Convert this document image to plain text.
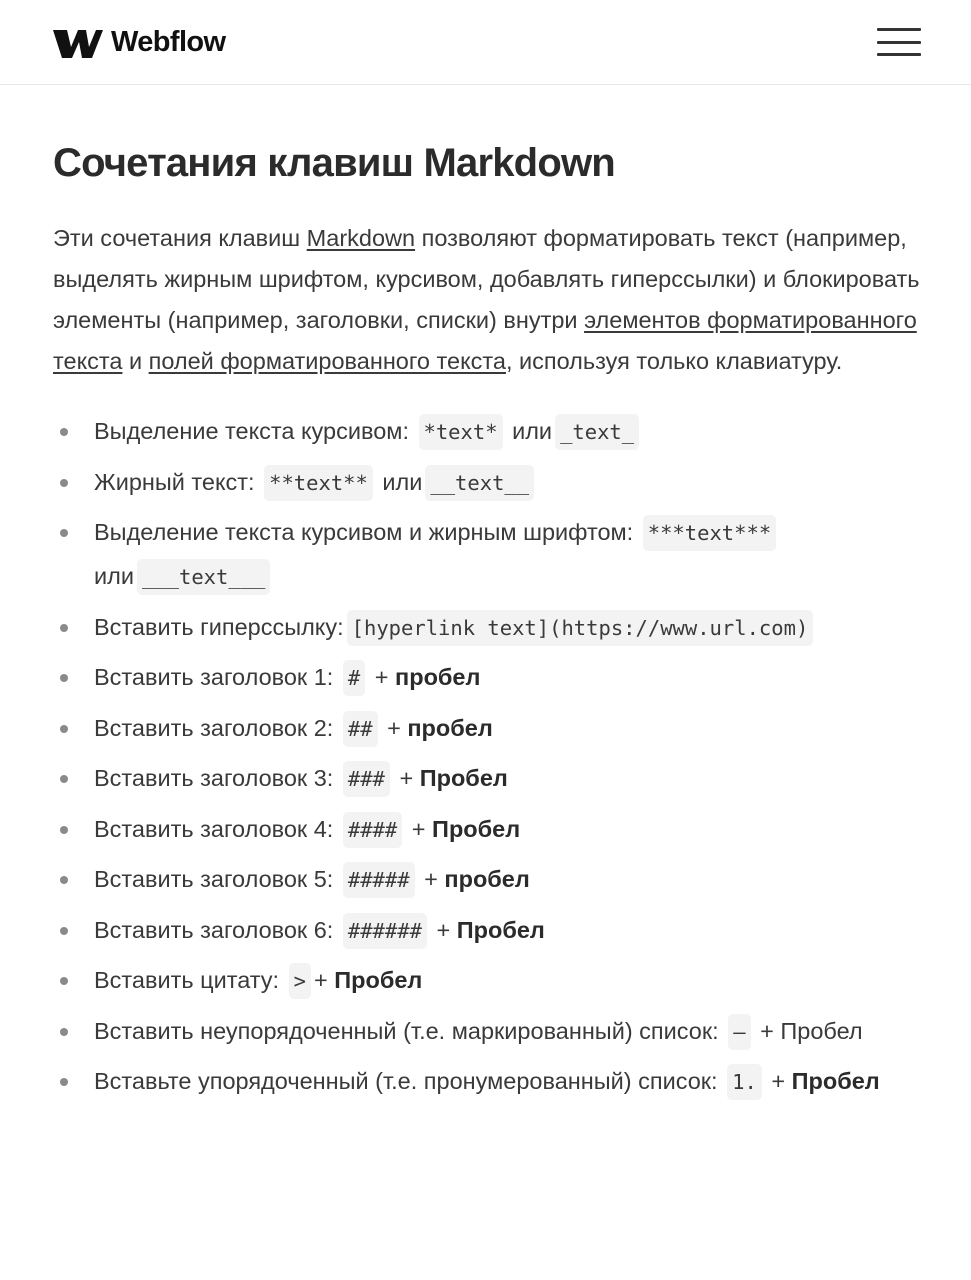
Webflow
Сочетания клавиш Markdown

Эти сочетания клавиш Markdown позволяют форматировать текст (например, выделять жирным шрифтом, курсивом, добавлять гиперссылки) и блокировать элементы (например, заголовки, списки) внутри элементов форматированного текста и полей форматированного текста, используя только клавиатуру.

Выделение текста курсивом: *text* или _text_
Жирный текст: **text** или __text__
Выделение текста курсивом и жирным шрифтом: ***text***
или ___text___
Вставить гиперссылку: [hyperlink text](https://www.url.com)
Вставить заголовок 1: # + пробел
Вставить заголовок 2: ## + пробел
Вставить заголовок 3: ### + Пробел
Вставить заголовок 4: #### + Пробел
Вставить заголовок 5: ##### + пробел
Вставить заголовок 6: ###### + Пробел
Вставить цитату: > + Пробел
Вставить неупорядоченный (т.е. маркированный) список: – + Пробел
Вставьте упорядоченный (т.е. пронумерованный) список: 1. + Пробел
